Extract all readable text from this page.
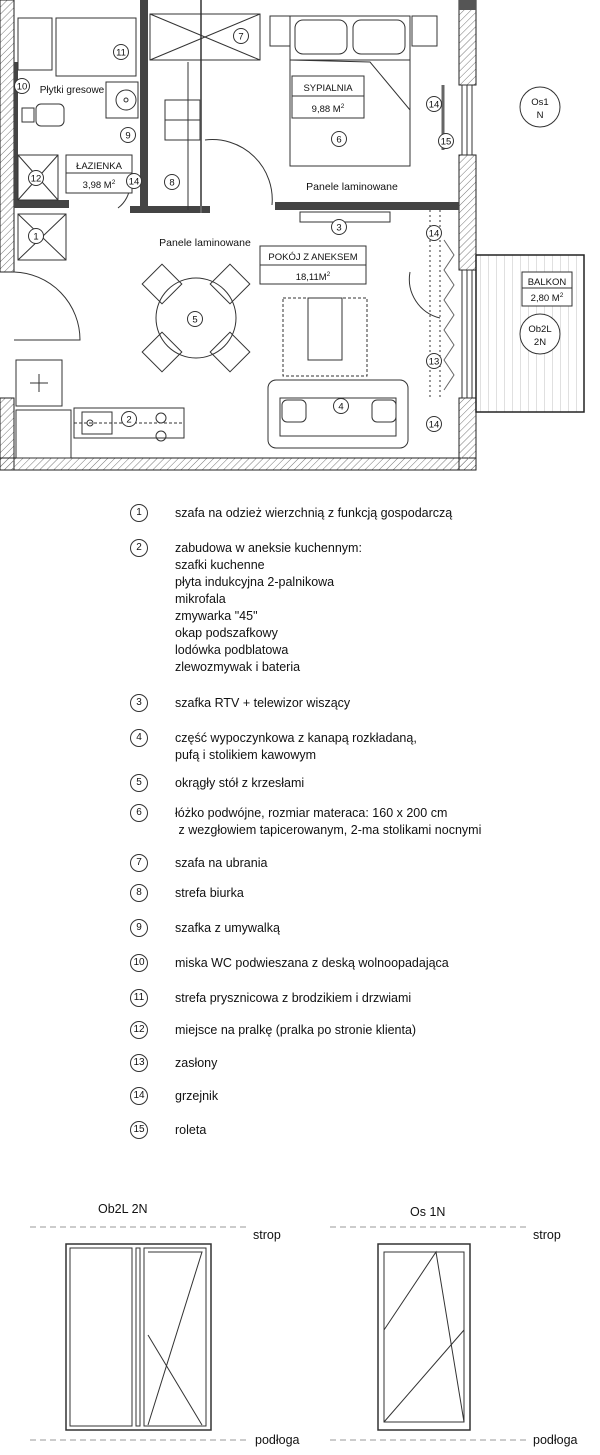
SYPIALNIA
9,88 $M^2$
Panele laminowane
ŁAZIENKA
3,98 $M^2$
Płytki gresowe
POKÓJ Z ANEKSEM
$18,11M^2$
Panele laminowane
BALKON
2,80 $M^2$
Os1
N
Ob2L
2N
1
2
3
4
5
6
7
8
9
10
11
12
13
14
14
14
14
15
1	szafa na odzież wierzchnią z funkcją gospodarczą
2	zabudowa w aneksie kuchennym:
szafki kuchenne
płyta indukcyjna 2-palnikowa
mikrofala
zmywarka "45"
okap podszafkowy
lodówka podblatowa
zlewozmywak i bateria
3	szafka RTV + telewizor wiszący
4	część wypoczynkowa z kanapą rozkładaną,
pufą i stolikiem kawowym
5	okrągły stół z krzesłami
6	łóżko podwójne, rozmiar materaca: 160 x 200 cm
z wezgłowiem tapicerowanym, 2-ma stolikami nocnymi
7	szafa na ubrania
8	strefa biurka
9	szafka z umywalką
10 miska WC podwieszana z deską wolnoopadająca
11	strefa prysznicowa z brodzikiem i drzwiami
12 miejsce na pralkę (pralka po stronie klienta)
13 zasłony
14 grzejnik
15 roleta
Ob2L 2N
strop
podłoga
Os 1N
strop
podłoga
